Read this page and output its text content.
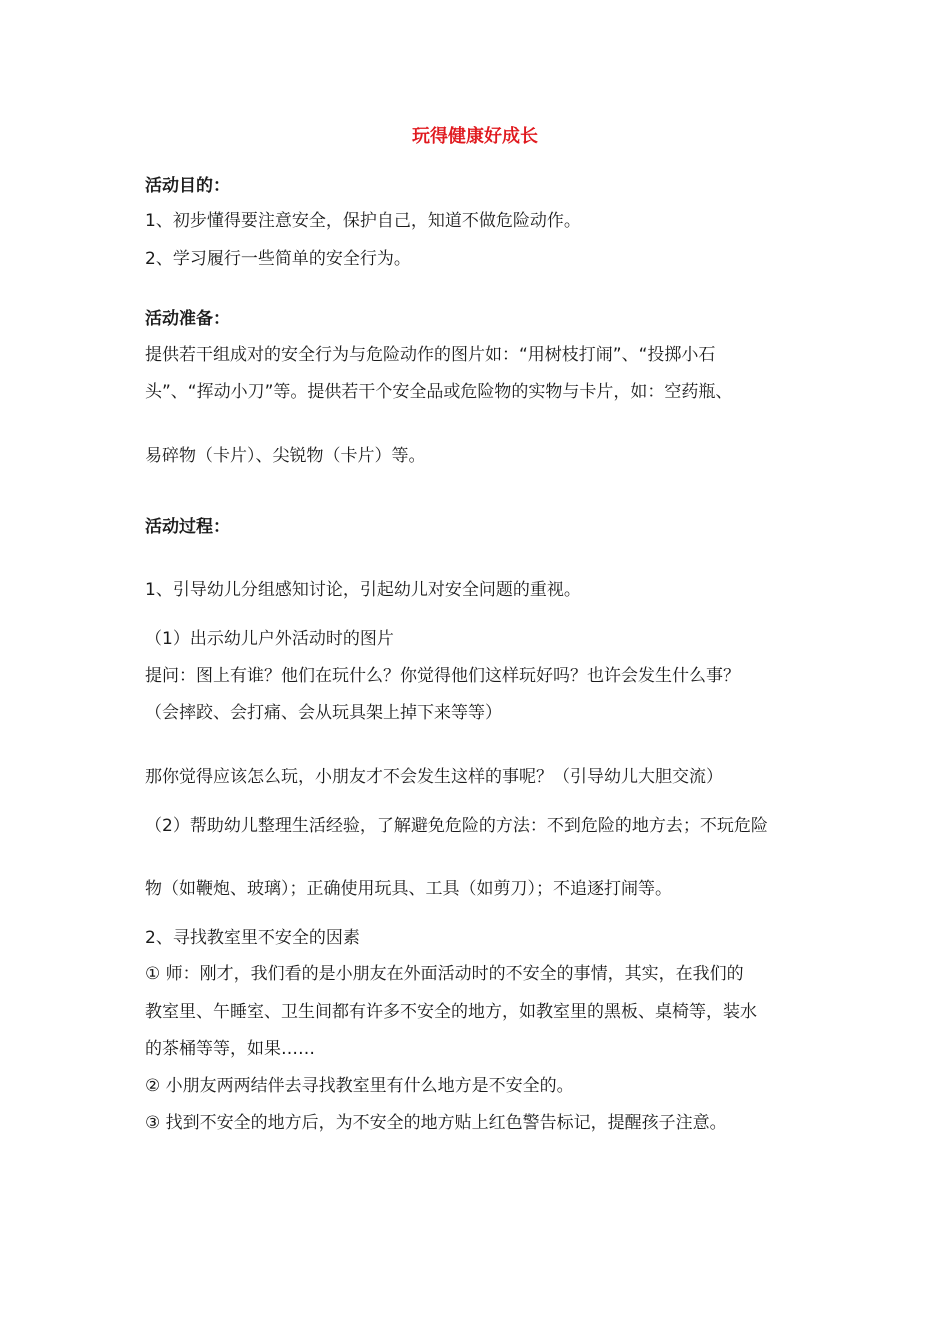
玩得健康好成长
活动目的：
1、初步懂得要注意安全，保护自己，知道不做危险动作。
2、学习履行一些简单的安全行为。
活动准备：
提供若干组成对的安全行为与危险动作的图片如：“用树枝打闹”、“投掷小石
头”、“挥动小刀”等。提供若干个安全品或危险物的实物与卡片，如：空药瓶、
易碎物（卡片）、尖锐物（卡片）等。
活动过程：
1、引导幼儿分组感知讨论，引起幼儿对安全问题的重视。
（1）出示幼儿户外活动时的图片
提问：图上有谁？他们在玩什么？你觉得他们这样玩好吗？也许会发生什么事？
（会摔跤、会打痛、会从玩具架上掉下来等等）
那你觉得应该怎么玩，小朋友才不会发生这样的事呢？（引导幼儿大胆交流）
（2）帮助幼儿整理生活经验，了解避免危险的方法：不到危险的地方去；不玩危险
物（如鞭炮、玻璃）；正确使用玩具、工具（如剪刀）；不追逐打闹等。
2、寻找教室里不安全的因素
① 师：刚才，我们看的是小朋友在外面活动时的不安全的事情，其实，在我们的
教室里、午睡室、卫生间都有许多不安全的地方，如教室里的黑板、桌椅等，装水
的茶桶等等，如果……
② 小朋友两两结伴去寻找教室里有什么地方是不安全的。
③ 找到不安全的地方后，为不安全的地方贴上红色警告标记，提醒孩子注意。
